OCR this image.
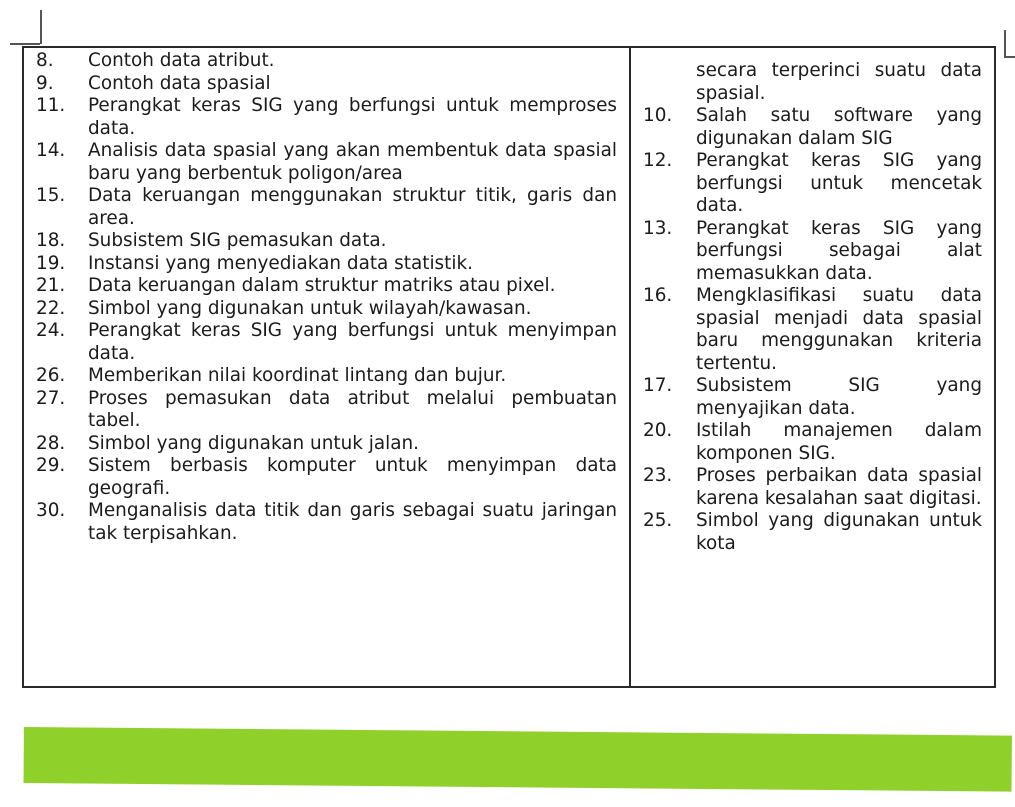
8.	Contoh data atribut.
9.	Contoh data spasial
11.	Perangkat keras SIG yang berfungsi untuk memproses data.
14.	Analisis data spasial yang akan membentuk data spasial baru yang berbentuk poligon/area
15.	Data keruangan menggunakan struktur titik, garis dan area.
18.	Subsistem SIG pemasukan data.
19.	Instansi yang menyediakan data statistik.
21.	Data keruangan dalam struktur matriks atau pixel.
22.	Simbol yang digunakan untuk wilayah/kawasan.
24.	Perangkat keras SIG yang berfungsi untuk menyimpan data.
26.	Memberikan nilai koordinat lintang dan bujur.
27.	Proses pemasukan data atribut melalui pembuatan tabel.
28.	Simbol yang digunakan untuk jalan.
29.	Sistem berbasis komputer untuk menyimpan data geografi.
30.	Menganalisis data titik dan garis sebagai suatu jaringan tak terpisahkan.
secara terperinci suatu data spasial.
10.	Salah satu software yang digunakan dalam SIG
12.	Perangkat keras SIG yang berfungsi untuk mencetak data.
13.	Perangkat keras SIG yang berfungsi sebagai alat memasukkan data.
16.	Mengklasifikasi suatu data spasial menjadi data spasial baru menggunakan kriteria tertentu.
17.	Subsistem SIG yang menyajikan data.
20.	Istilah manajemen dalam komponen SIG.
23.	Proses perbaikan data spasial karena kesalahan saat digitasi.
25.	Simbol yang digunakan untuk kota
